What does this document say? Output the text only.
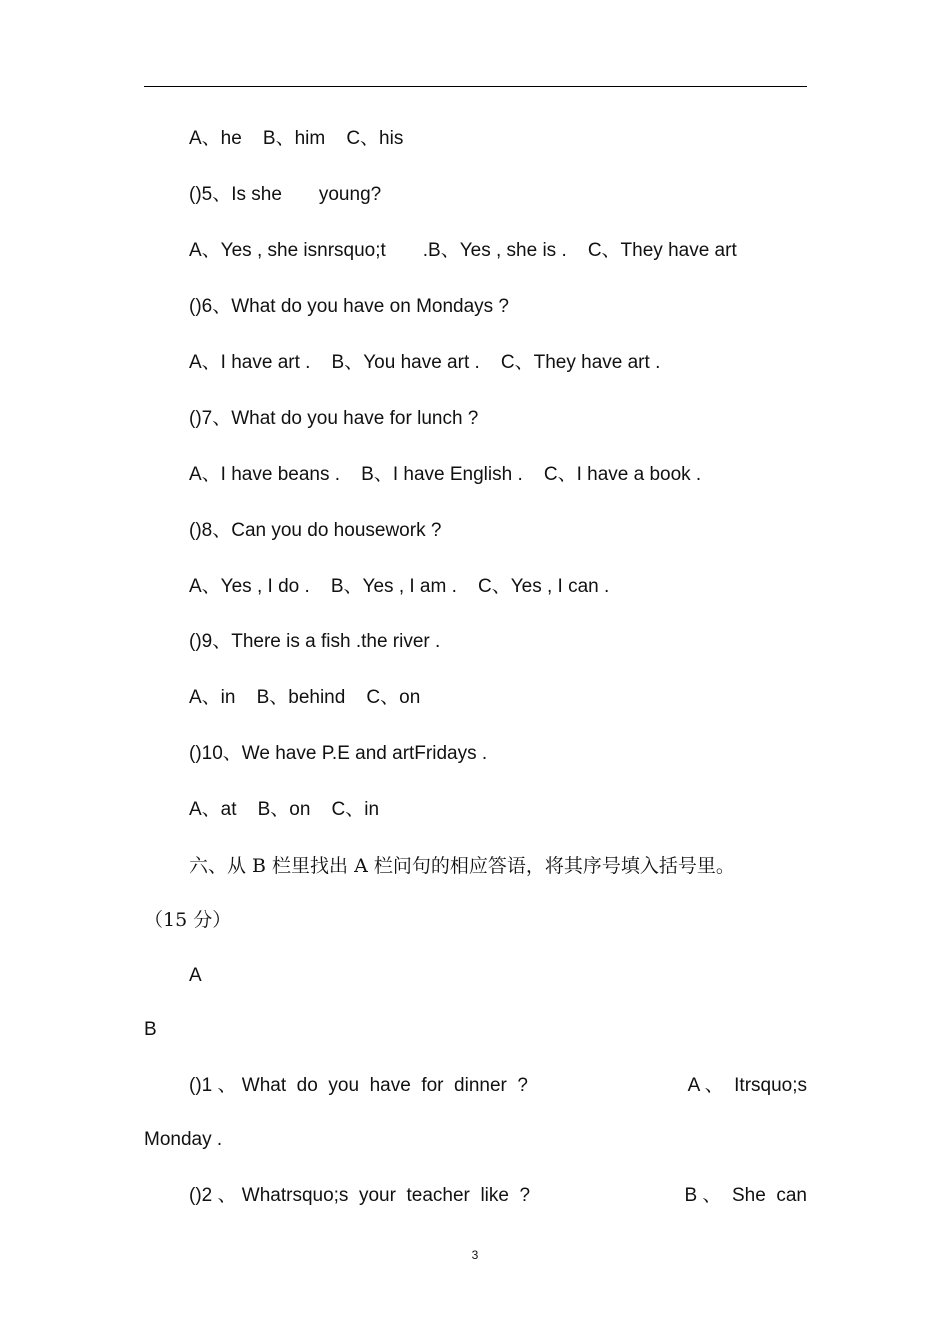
A、he    B、him    C、his
()5、Is she       young?
A、Yes , she isnrsquo;t       .B、Yes , she is .    C、They have art
()6、What do you have on Mondays ?
A、I have art .    B、You have art .    C、They have art .
()7、What do you have for lunch ?
A、I have beans .    B、I have English .    C、I have a book .
()8、Can you do housework ?
A、Yes , I do .    B、Yes , I am .    C、Yes , I can .
()9、There is a fish .the river .
A、in    B、behind    C、on
()10、We have P.E and artFridays .
A、at    B、on    C、in
六、从 B 栏里找出 A 栏问句的相应答语，将其序号填入括号里。
（15 分）
A
B
()1 、 What  do  you  have  for  dinner  ?	A 、  Itrsquo;s
Monday .
()2 、 Whatrsquo;s  your  teacher  like  ?	B 、  She  can
3
